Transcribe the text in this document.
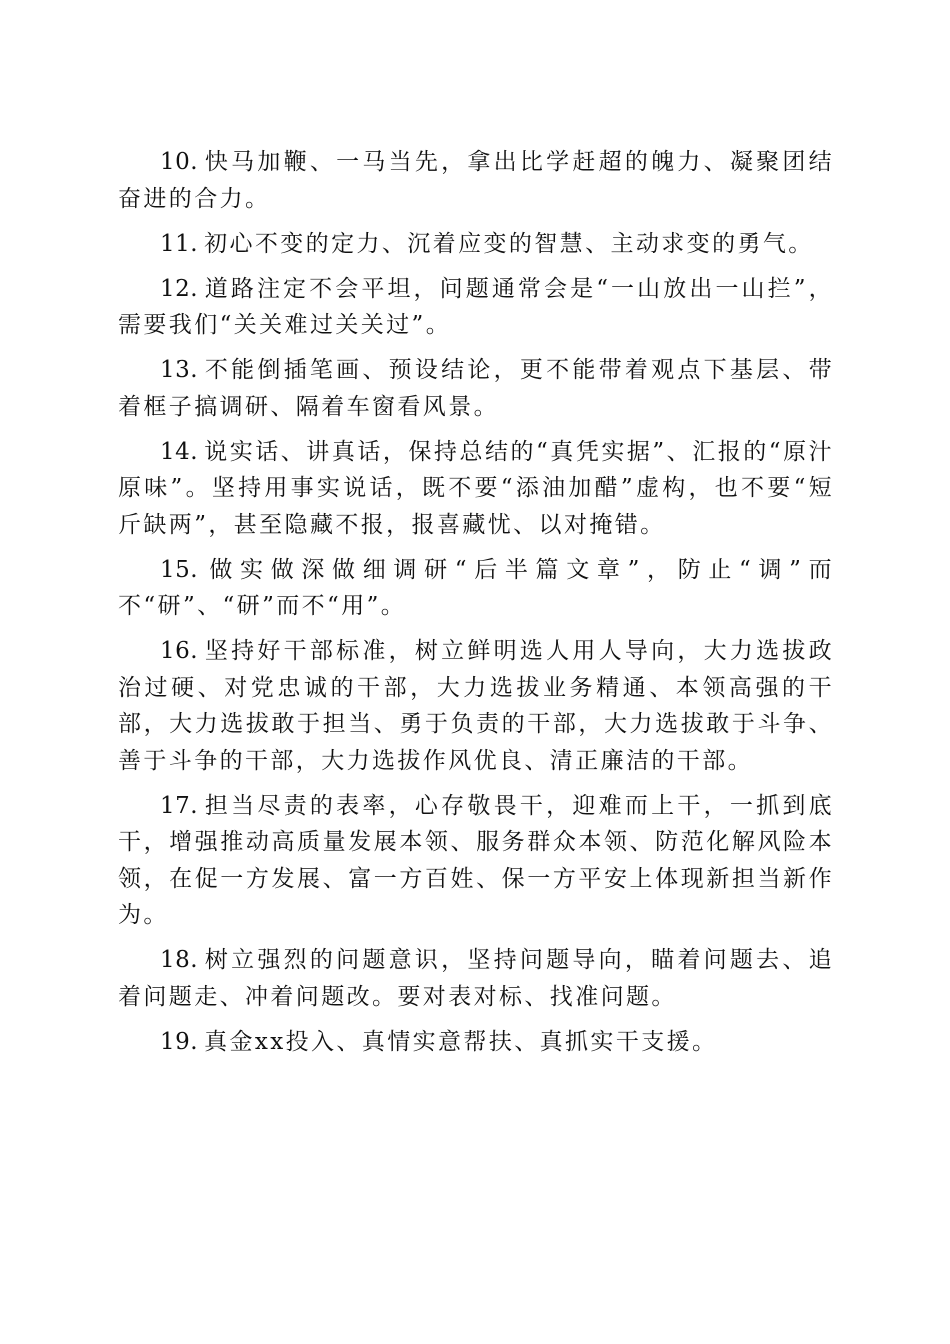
10. 快马加鞭、一马当先，拿出比学赶超的魄力、凝聚团结奋进的合力。

11. 初心不变的定力、沉着应变的智慧、主动求变的勇气。

12. 道路注定不会平坦，问题通常会是“一山放出一山拦”，需要我们“关关难过关关过”。

13. 不能倒插笔画、预设结论，更不能带着观点下基层、带着框子搞调研、隔着车窗看风景。

14. 说实话、讲真话，保持总结的“真凭实据”、汇报的“原汁原味”。坚持用事实说话，既不要“添油加醋”虚构，也不要“短斤缺两”，甚至隐藏不报，报喜藏忧、以对掩错。

15. 做实做深做细调研“后半篇文章”，防止“调”而不“研”、“研”而不“用”。

16. 坚持好干部标准，树立鲜明选人用人导向，大力选拔政治过硬、对党忠诚的干部，大力选拔业务精通、本领高强的干部，大力选拔敢于担当、勇于负责的干部，大力选拔敢于斗争、善于斗争的干部，大力选拔作风优良、清正廉洁的干部。

17. 担当尽责的表率，心存敬畏干，迎难而上干，一抓到底干，增强推动高质量发展本领、服务群众本领、防范化解风险本领，在促一方发展、富一方百姓、保一方平安上体现新担当新作为。

18. 树立强烈的问题意识，坚持问题导向，瞄着问题去、追着问题走、冲着问题改。要对表对标、找准问题。

19. 真金xx投入、真情实意帮扶、真抓实干支援。
